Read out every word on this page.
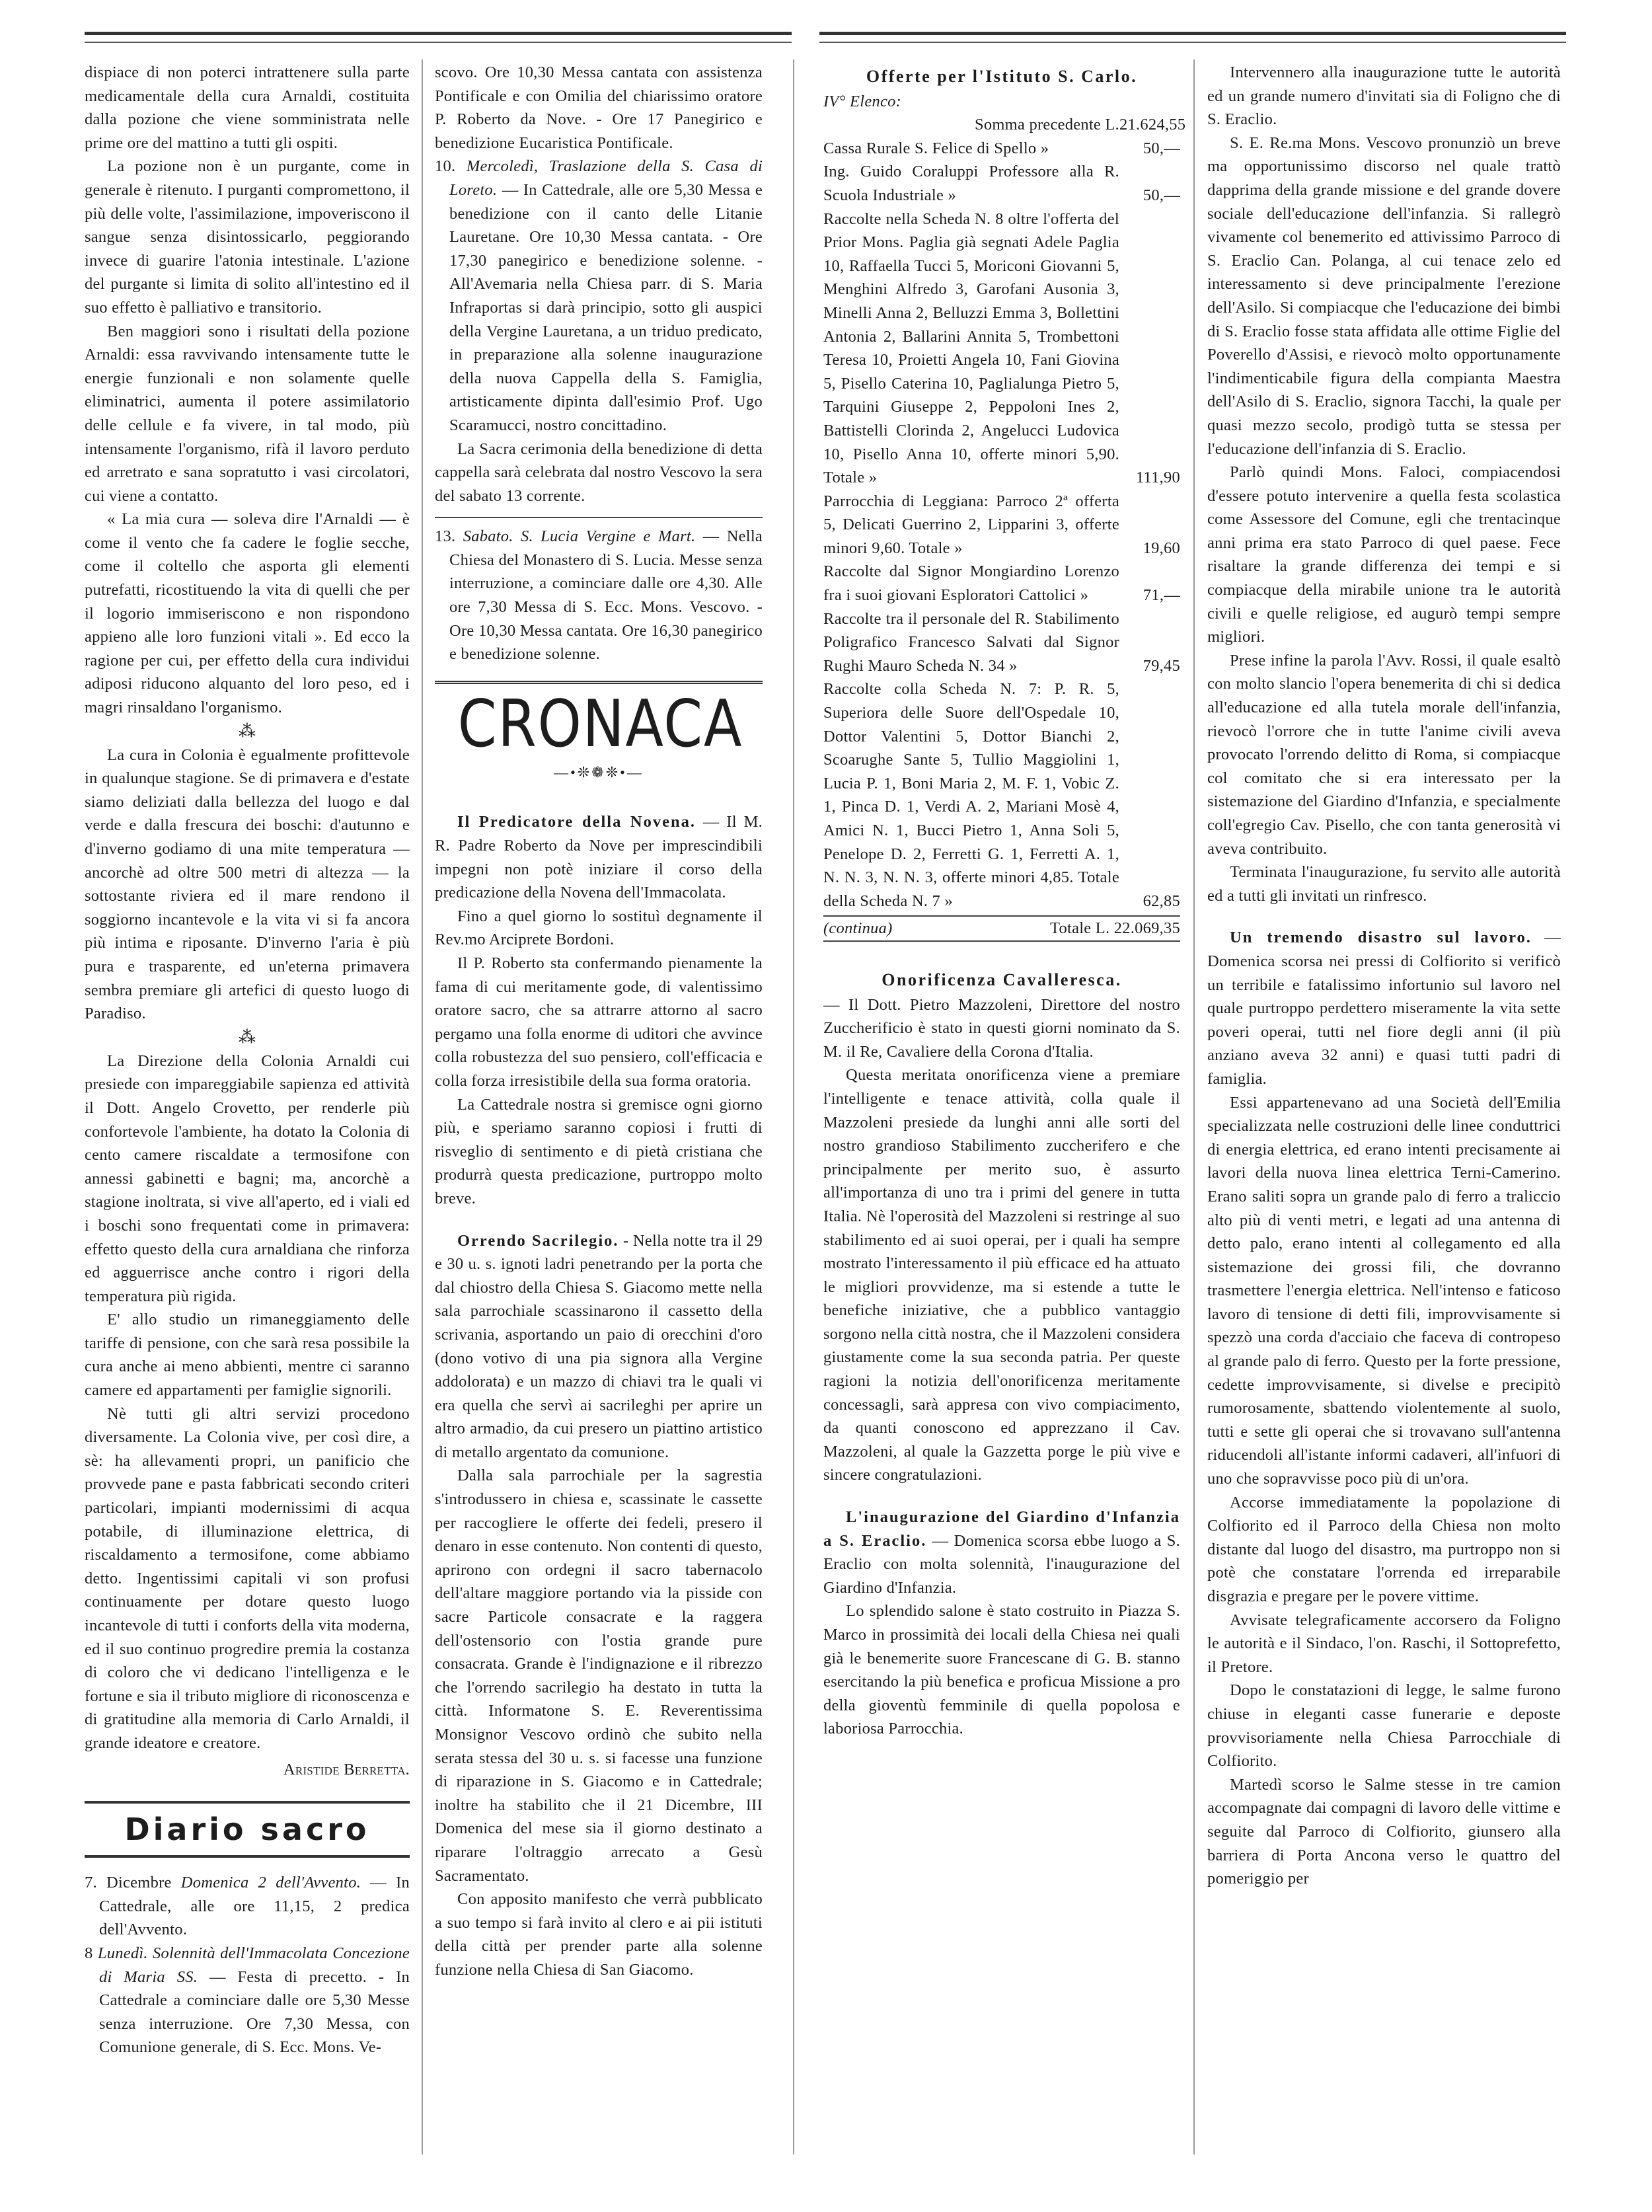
dispiace di non poterci intrattenere sulla parte medicamentale della cura Arnaldi, costituita dalla pozione che viene somministrata nelle prime ore del mattino a tutti gli ospiti.

La pozione non è un purgante, come in generale è ritenuto. I purganti compromettono, il più delle volte, l'assimilazione, impoveriscono il sangue senza disintossicarlo, peggiorando invece di guarire l'atonia intestinale. L'azione del purgante si limita di solito all'intestino ed il suo effetto è palliativo e transitorio.

Ben maggiori sono i risultati della pozione Arnaldi: essa ravvivando intensamente tutte le energie funzionali e non solamente quelle eliminatrici, aumenta il potere assimilatorio delle cellule e fa vivere, in tal modo, più intensamente l'organismo, rifà il lavoro perduto ed arretrato e sana sopratutto i vasi circolatori, cui viene a contatto.

« La mia cura — soleva dire l'Arnaldi — è come il vento che fa cadere le foglie secche, come il coltello che asporta gli elementi putrefatti, ricostituendo la vita di quelli che per il logorio immiseriscono e non rispondono appieno alle loro funzioni vitali ». Ed ecco la ragione per cui, per effetto della cura individui adiposi riducono alquanto del loro peso, ed i magri rinsaldano l'organismo.

⁂

La cura in Colonia è egualmente profittevole in qualunque stagione. Se di primavera e d'estate siamo deliziati dalla bellezza del luogo e dal verde e dalla frescura dei boschi: d'autunno e d'inverno godiamo di una mite temperatura — ancorchè ad oltre 500 metri di altezza — la sottostante riviera ed il mare rendono il soggiorno incantevole e la vita vi si fa ancora più intima e riposante. D'inverno l'aria è più pura e trasparente, ed un'eterna primavera sembra premiare gli artefici di questo luogo di Paradiso.

⁂

La Direzione della Colonia Arnaldi cui presiede con impareggiabile sapienza ed attività il Dott. Angelo Crovetto, per renderle più confortevole l'ambiente, ha dotato la Colonia di cento camere riscaldate a termosifone con annessi gabinetti e bagni; ma, ancorchè a stagione inoltrata, si vive all'aperto, ed i viali ed i boschi sono frequentati come in primavera: effetto questo della cura arnaldiana che rinforza ed agguerrisce anche contro i rigori della temperatura più rigida.

E' allo studio un rimaneggiamento delle tariffe di pensione, con che sarà resa possibile la cura anche ai meno abbienti, mentre ci saranno camere ed appartamenti per famiglie signorili.

Nè tutti gli altri servizi procedono diversamente. La Colonia vive, per così dire, a sè: ha allevamenti propri, un panificio che provvede pane e pasta fabbricati secondo criteri particolari, impianti modernissimi di acqua potabile, di illuminazione elettrica, di riscaldamento a termosifone, come abbiamo detto. Ingentissimi capitali vi son profusi continuamente per dotare questo luogo incantevole di tutti i conforts della vita moderna, ed il suo continuo progredire premia la costanza di coloro che vi dedicano l'intelligenza e le fortune e sia il tributo migliore di riconoscenza e di gratitudine alla memoria di Carlo Arnaldi, il grande ideatore e creatore.

Aristide Berretta.
Diario sacro

7. Dicembre Domenica 2 dell'Avvento. — In Cattedrale, alle ore 11,15, 2 predica dell'Avvento.

8 Lunedì. Solennità dell'Immacolata Concezione di Maria SS. — Festa di precetto. - In Cattedrale a cominciare dalle ore 5,30 Messe senza interruzione. Ore 7,30 Messa, con Comunione generale, di S. Ecc. Mons. Ve-

scovo. Ore 10,30 Messa cantata con assistenza Pontificale e con Omilia del chiarissimo oratore P. Roberto da Nove. - Ore 17 Panegirico e benedizione Eucaristica Pontificale.

10. Mercoledì, Traslazione della S. Casa di Loreto. — In Cattedrale, alle ore 5,30 Messa e benedizione con il canto delle Litanie Lauretane. Ore 10,30 Messa cantata. - Ore 17,30 panegirico e benedizione solenne. - All'Avemaria nella Chiesa parr. di S. Maria Infraportas si darà principio, sotto gli auspici della Vergine Lauretana, a un triduo predicato, in preparazione alla solenne inaugurazione della nuova Cappella della S. Famiglia, artisticamente dipinta dall'esimio Prof. Ugo Scaramucci, nostro concittadino.

La Sacra cerimonia della benedizione di detta cappella sarà celebrata dal nostro Vescovo la sera del sabato 13 corrente.

13. Sabato. S. Lucia Vergine e Mart. — Nella Chiesa del Monastero di S. Lucia. Messe senza interruzione, a cominciare dalle ore 4,30. Alle ore 7,30 Messa di S. Ecc. Mons. Vescovo. - Ore 10,30 Messa cantata. Ore 16,30 panegirico e benedizione solenne.

CRONACA
—•❊❁❊•—

Il Predicatore della Novena. — Il M. R. Padre Roberto da Nove per imprescindibili impegni non potè iniziare il corso della predicazione della Novena dell'Immacolata.

Fino a quel giorno lo sostituì degnamente il Rev.mo Arciprete Bordoni.

Il P. Roberto sta confermando pienamente la fama di cui meritamente gode, di valentissimo oratore sacro, che sa attrarre attorno al sacro pergamo una folla enorme di uditori che avvince colla robustezza del suo pensiero, coll'efficacia e colla forza irresistibile della sua forma oratoria.

La Cattedrale nostra si gremisce ogni giorno più, e speriamo saranno copiosi i frutti di risveglio di sentimento e di pietà cristiana che produrrà questa predicazione, purtroppo molto breve.

Orrendo Sacrilegio. - Nella notte tra il 29 e 30 u. s. ignoti ladri penetrando per la porta che dal chiostro della Chiesa S. Giacomo mette nella sala parrochiale scassinarono il cassetto della scrivania, asportando un paio di orecchini d'oro (dono votivo di una pia signora alla Vergine addolorata) e un mazzo di chiavi tra le quali vi era quella che servì ai sacrileghi per aprire un altro armadio, da cui presero un piattino artistico di metallo argentato da comunione.

Dalla sala parrochiale per la sagrestia s'introdussero in chiesa e, scassinate le cassette per raccogliere le offerte dei fedeli, presero il denaro in esse contenuto. Non contenti di questo, aprirono con ordegni il sacro tabernacolo dell'altare maggiore portando via la pisside con sacre Particole consacrate e la raggera dell'ostensorio con l'ostia grande pure consacrata. Grande è l'indignazione e il ribrezzo che l'orrendo sacrilegio ha destato in tutta la città. Informatone S. E. Reverentissima Monsignor Vescovo ordinò che subito nella serata stessa del 30 u. s. si facesse una funzione di riparazione in S. Giacomo e in Cattedrale; inoltre ha stabilito che il 21 Dicembre, III Domenica del mese sia il giorno destinato a riparare l'oltraggio arrecato a Gesù Sacramentato.

Con apposito manifesto che verrà pubblicato a suo tempo si farà invito al clero e ai pii istituti della città per prender parte alla solenne funzione nella Chiesa di San Giacomo.

Offerte per l'Istituto S. Carlo.
IV° Elenco:
Somma precedente L. 21.624,55
Cassa Rurale S. Felice di Spello »	50,—
Ing. Guido Coraluppi Professore alla R. Scuola Industriale »	50,—
Raccolte nella Scheda N. 8 oltre l'offerta del Prior Mons. Paglia già segnati Adele Paglia 10, Raffaella Tucci 5, Moriconi Giovanni 5, Menghini Alfredo 3, Garofani Ausonia 3, Minelli Anna 2, Belluzzi Emma 3, Bollettini Antonia 2, Ballarini Annita 5, Trombettoni Teresa 10, Proietti Angela 10, Fani Giovina 5, Pisello Caterina 10, Paglialunga Pietro 5, Tarquini Giuseppe 2, Peppoloni Ines 2, Battistelli Clorinda 2, Angelucci Ludovica 10, Pisello Anna 10, offerte minori 5,90. Totale »	111,90
Parrocchia di Leggiana: Parroco 2ª offerta 5, Delicati Guerrino 2, Lipparini 3, offerte minori 9,60. Totale »	19,60
Raccolte dal Signor Mongiardino Lorenzo fra i suoi giovani Esploratori Cattolici »	71,—
Raccolte tra il personale del R. Stabilimento Poligrafico Francesco Salvati dal Signor Rughi Mauro Scheda N. 34 »	79,45
Raccolte colla Scheda N. 7: P. R. 5, Superiora delle Suore dell'Ospedale 10, Dottor Valentini 5, Dottor Bianchi 2, Scoarughe Sante 5, Tullio Maggiolini 1, Lucia P. 1, Boni Maria 2, M. F. 1, Vobic Z. 1, Pinca D. 1, Verdi A. 2, Mariani Mosè 4, Amici N. 1, Bucci Pietro 1, Anna Soli 5, Penelope D. 2, Ferretti G. 1, Ferretti A. 1, N. N. 3, N. N. 3, offerte minori 4,85. Totale della Scheda N. 7 »	62,85
(continua)	Totale L. 22.069,35
Onorificenza Cavalleresca.

— Il Dott. Pietro Mazzoleni, Direttore del nostro Zuccherificio è stato in questi giorni nominato da S. M. il Re, Cavaliere della Corona d'Italia.

Questa meritata onorificenza viene a premiare l'intelligente e tenace attività, colla quale il Mazzoleni presiede da lunghi anni alle sorti del nostro grandioso Stabilimento zuccherifero e che principalmente per merito suo, è assurto all'importanza di uno tra i primi del genere in tutta Italia. Nè l'operosità del Mazzoleni si restringe al suo stabilimento ed ai suoi operai, per i quali ha sempre mostrato l'interessamento il più efficace ed ha attuato le migliori provvidenze, ma si estende a tutte le benefiche iniziative, che a pubblico vantaggio sorgono nella città nostra, che il Mazzoleni considera giustamente come la sua seconda patria. Per queste ragioni la notizia dell'onorificenza meritamente concessagli, sarà appresa con vivo compiacimento, da quanti conoscono ed apprezzano il Cav. Mazzoleni, al quale la Gazzetta porge le più vive e sincere congratulazioni.

L'inaugurazione del Giardino d'Infanzia a S. Eraclio. — Domenica scorsa ebbe luogo a S. Eraclio con molta solennità, l'inaugurazione del Giardino d'Infanzia.

Lo splendido salone è stato costruito in Piazza S. Marco in prossimità dei locali della Chiesa nei quali già le benemerite suore Francescane di G. B. stanno esercitando la più benefica e proficua Missione a pro della gioventù femminile di quella popolosa e laboriosa Parrocchia.

Intervennero alla inaugurazione tutte le autorità ed un grande numero d'invitati sia di Foligno che di S. Eraclio.

S. E. Re.ma Mons. Vescovo pronunziò un breve ma opportunissimo discorso nel quale trattò dapprima della grande missione e del grande dovere sociale dell'educazione dell'infanzia. Si rallegrò vivamente col benemerito ed attivissimo Parroco di S. Eraclio Can. Polanga, al cui tenace zelo ed interessamento si deve principalmente l'erezione dell'Asilo. Si compiacque che l'educazione dei bimbi di S. Eraclio fosse stata affidata alle ottime Figlie del Poverello d'Assisi, e rievocò molto opportunamente l'indimenticabile figura della compianta Maestra dell'Asilo di S. Eraclio, signora Tacchi, la quale per quasi mezzo secolo, prodigò tutta se stessa per l'educazione dell'infanzia di S. Eraclio.

Parlò quindi Mons. Faloci, compiacendosi d'essere potuto intervenire a quella festa scolastica come Assessore del Comune, egli che trentacinque anni prima era stato Parroco di quel paese. Fece risaltare la grande differenza dei tempi e si compiacque della mirabile unione tra le autorità civili e quelle religiose, ed augurò tempi sempre migliori.

Prese infine la parola l'Avv. Rossi, il quale esaltò con molto slancio l'opera benemerita di chi si dedica all'educazione ed alla tutela morale dell'infanzia, rievocò l'orrore che in tutte l'anime civili aveva provocato l'orrendo delitto di Roma, si compiacque col comitato che si era interessato per la sistemazione del Giardino d'Infanzia, e specialmente coll'egregio Cav. Pisello, che con tanta generosità vi aveva contribuito.

Terminata l'inaugurazione, fu servito alle autorità ed a tutti gli invitati un rinfresco.

Un tremendo disastro sul lavoro. — Domenica scorsa nei pressi di Colfiorito si verificò un terribile e fatalissimo infortunio sul lavoro nel quale purtroppo perdettero miseramente la vita sette poveri operai, tutti nel fiore degli anni (il più anziano aveva 32 anni) e quasi tutti padri di famiglia.

Essi appartenevano ad una Società dell'Emilia specializzata nelle costruzioni delle linee conduttrici di energia elettrica, ed erano intenti precisamente ai lavori della nuova linea elettrica Terni-Camerino. Erano saliti sopra un grande palo di ferro a traliccio alto più di venti metri, e legati ad una antenna di detto palo, erano intenti al collegamento ed alla sistemazione dei grossi fili, che dovranno trasmettere l'energia elettrica. Nell'intenso e faticoso lavoro di tensione di detti fili, improvvisamente si spezzò una corda d'acciaio che faceva di contropeso al grande palo di ferro. Questo per la forte pressione, cedette improvvisamente, si divelse e precipitò rumorosamente, sbattendo violentemente al suolo, tutti e sette gli operai che si trovavano sull'antenna riducendoli all'istante informi cadaveri, all'infuori di uno che sopravvisse poco più di un'ora.

Accorse immediatamente la popolazione di Colfiorito ed il Parroco della Chiesa non molto distante dal luogo del disastro, ma purtroppo non si potè che constatare l'orrenda ed irreparabile disgrazia e pregare per le povere vittime.

Avvisate telegraficamente accorsero da Foligno le autorità e il Sindaco, l'on. Raschi, il Sottoprefetto, il Pretore.

Dopo le constatazioni di legge, le salme furono chiuse in eleganti casse funerarie e deposte provvisoriamente nella Chiesa Parrocchiale di Colfiorito.

Martedì scorso le Salme stesse in tre camion accompagnate dai compagni di lavoro delle vittime e seguite dal Parroco di Colfiorito, giunsero alla barriera di Porta Ancona verso le quattro del pomeriggio per
